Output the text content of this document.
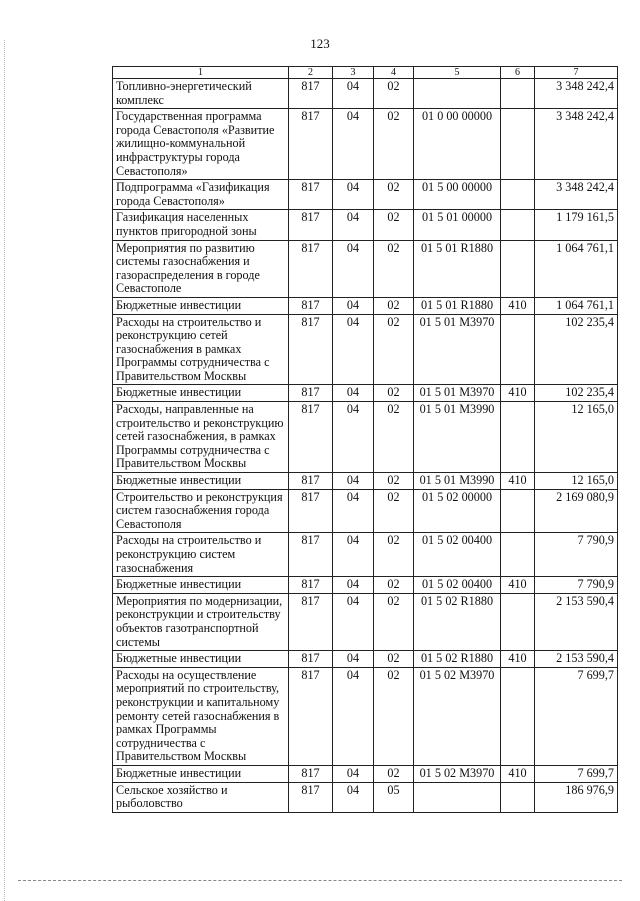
123
1	2	3	4	5	6	7
Топливно-энергетический комплекс	817	04	02			3 348 242,4
Государственная программа города Севастополя «Развитие жилищно-коммунальной инфраструктуры города Севастополя»	817	04	02	01 0 00 00000		3 348 242,4
Подпрограмма «Газификация города Севастополя»	817	04	02	01 5 00 00000		3 348 242,4
Газификация населенных пунктов пригородной зоны	817	04	02	01 5 01 00000		1 179 161,5
Мероприятия по развитию системы газоснабжения и газораспределения в городе Севастополе	817	04	02	01 5 01 R1880		1 064 761,1
Бюджетные инвестиции	817	04	02	01 5 01 R1880	410	1 064 761,1
Расходы на строительство и реконструкцию сетей газоснабжения в рамках Программы сотрудничества с Правительством Москвы	817	04	02	01 5 01 M3970		102 235,4
Бюджетные инвестиции	817	04	02	01 5 01 M3970	410	102 235,4
Расходы, направленные на строительство и реконструкцию сетей газоснабжения, в рамках Программы сотрудничества с Правительством Москвы	817	04	02	01 5 01 M3990		12 165,0
Бюджетные инвестиции	817	04	02	01 5 01 M3990	410	12 165,0
Строительство и реконструкция систем газоснабжения города Севастополя	817	04	02	01 5 02 00000		2 169 080,9
Расходы на строительство и реконструкцию систем газоснабжения	817	04	02	01 5 02 00400		7 790,9
Бюджетные инвестиции	817	04	02	01 5 02 00400	410	7 790,9
Мероприятия по модернизации, реконструкции и строительству объектов газотранспортной системы	817	04	02	01 5 02 R1880		2 153 590,4
Бюджетные инвестиции	817	04	02	01 5 02 R1880	410	2 153 590,4
Расходы на осуществление мероприятий по строительству, реконструкции и капитальному ремонту сетей газоснабжения в рамках Программы сотрудничества с Правительством Москвы	817	04	02	01 5 02 M3970		7 699,7
Бюджетные инвестиции	817	04	02	01 5 02 M3970	410	7 699,7
Сельское хозяйство и рыболовство	817	04	05			186 976,9
